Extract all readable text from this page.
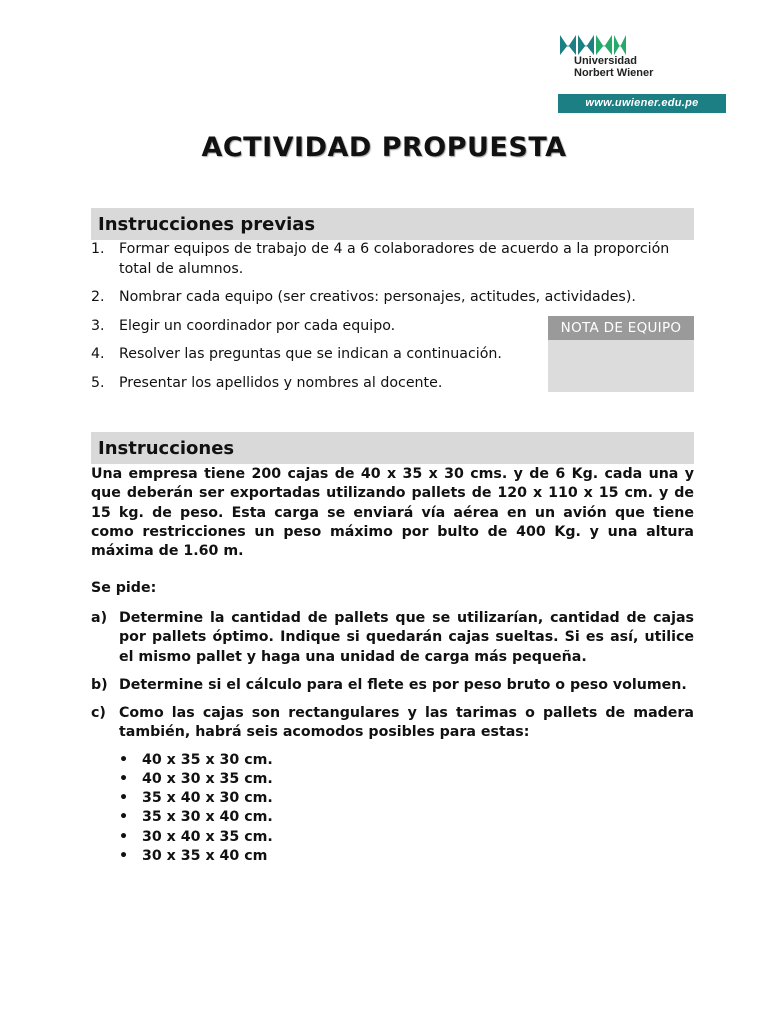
Universidad
Norbert Wiener
www.uwiener.edu.pe
ACTIVIDAD PROPUESTA
Instrucciones previas
1. Formar equipos de trabajo de 4 a 6 colaboradores de acuerdo a la proporción total de alumnos.
2. Nombrar cada equipo (ser creativos: personajes, actitudes, actividades).
3. Elegir un coordinador por cada equipo.
4. Resolver las preguntas que se indican a continuación.
5. Presentar los apellidos y nombres al docente.
NOTA DE EQUIPO
Instrucciones

Una empresa tiene 200 cajas de 40 x 35 x 30 cms. y de 6 Kg. cada una y que deberán ser exportadas utilizando pallets de 120 x 110 x 15 cm. y de 15 kg. de peso. Esta carga se enviará vía aérea en un avión que tiene como restricciones un peso máximo por bulto de 400 Kg. y una altura máxima de 1.60 m.

Se pide:
a) Determine la cantidad de pallets que se utilizarían, cantidad de cajas por pallets óptimo. Indique si quedarán cajas sueltas. Si es así, utilice el mismo pallet y haga una unidad de carga más pequeña.
b) Determine si el cálculo para el flete es por peso bruto o peso volumen.
c) Como las cajas son rectangulares y las tarimas o pallets de madera también, habrá seis acomodos posibles para estas:
• 40 x 35 x 30 cm.
• 40 x 30 x 35 cm.
• 35 x 40 x 30 cm.
• 35 x 30 x 40 cm.
• 30 x 40 x 35 cm.
• 30 x 35 x 40 cm
